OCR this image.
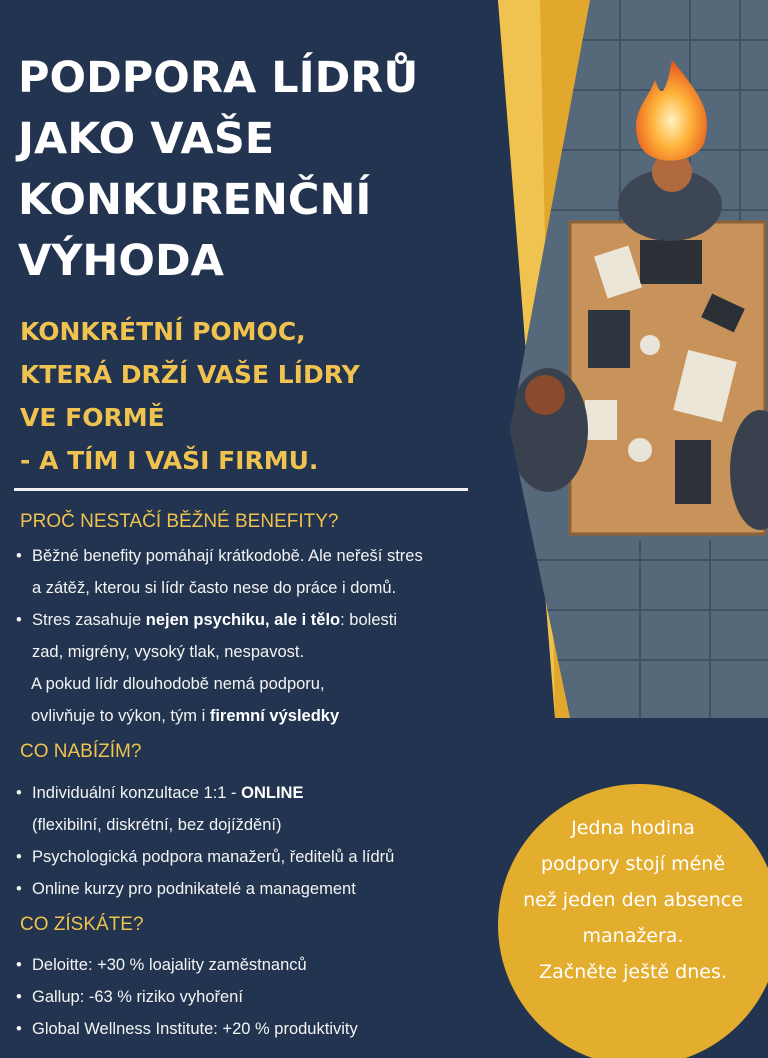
PODPORA LÍDRŮ
JAKO VAŠE
KONKURENČNÍ
VÝHODA
KONKRÉTNÍ POMOC,
KTERÁ DRŽÍ VAŠE LÍDRY
VE FORMĚ
- A TÍM I VAŠI FIRMU.
PROČ NESTAČÍ BĚŽNÉ BENEFITY?
• Běžné benefity pomáhají krátkodobě. Ale neřeší stres
a zátěž, kterou si lídr často nese do práce i domů.
• Stres zasahuje nejen psychiku, ale i tělo: bolesti
zad, migrény, vysoký tlak, nespavost.
A pokud lídr dlouhodobě nemá podporu,
ovlivňuje to výkon, tým i firemní výsledky
CO NABÍZÍM?
• Individuální konzultace 1:1 - ONLINE
(flexibilní, diskrétní, bez dojíždění)
• Psychologická podpora manažerů, ředitelů a lídrů
• Online kurzy pro podnikatelé a management
CO ZÍSKÁTE?
• Deloitte: +30 % loajality zaměstnanců
• Gallup: -63 % riziko vyhoření
• Global Wellness Institute: +20 % produktivity

Jedna hodina
podpory stojí méně
než jeden den absence
manažera.
Začněte ještě dnes.
